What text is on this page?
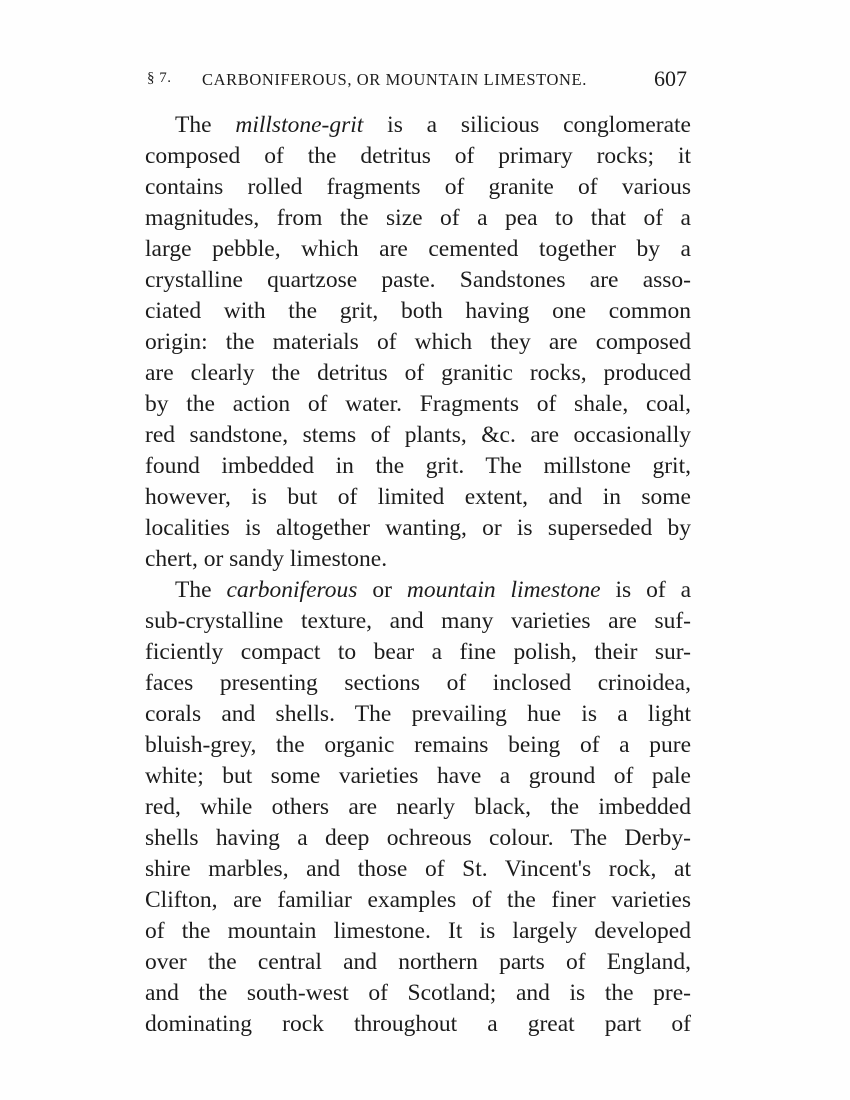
§ 7. CARBONIFEROUS, OR MOUNTAIN LIMESTONE.	607
The millstone-grit is a silicious conglomerate
composed of the detritus of primary rocks; it
contains rolled fragments of granite of various
magnitudes, from the size of a pea to that of a
large pebble, which are cemented together by a
crystalline quartzose paste. Sandstones are asso-
ciated with the grit, both having one common
origin: the materials of which they are composed
are clearly the detritus of granitic rocks, produced
by the action of water. Fragments of shale, coal,
red sandstone, stems of plants, &c. are occasionally
found imbedded in the grit. The millstone grit,
however, is but of limited extent, and in some
localities is altogether wanting, or is superseded by
chert, or sandy limestone.
The carboniferous or mountain limestone is of a
sub-crystalline texture, and many varieties are suf-
ficiently compact to bear a fine polish, their sur-
faces presenting sections of inclosed crinoidea,
corals and shells. The prevailing hue is a light
bluish-grey, the organic remains being of a pure
white; but some varieties have a ground of pale
red, while others are nearly black, the imbedded
shells having a deep ochreous colour. The Derby-
shire marbles, and those of St. Vincent's rock, at
Clifton, are familiar examples of the finer varieties
of the mountain limestone. It is largely developed
over the central and northern parts of England,
and the south-west of Scotland; and is the pre-
dominating rock throughout a great part of
